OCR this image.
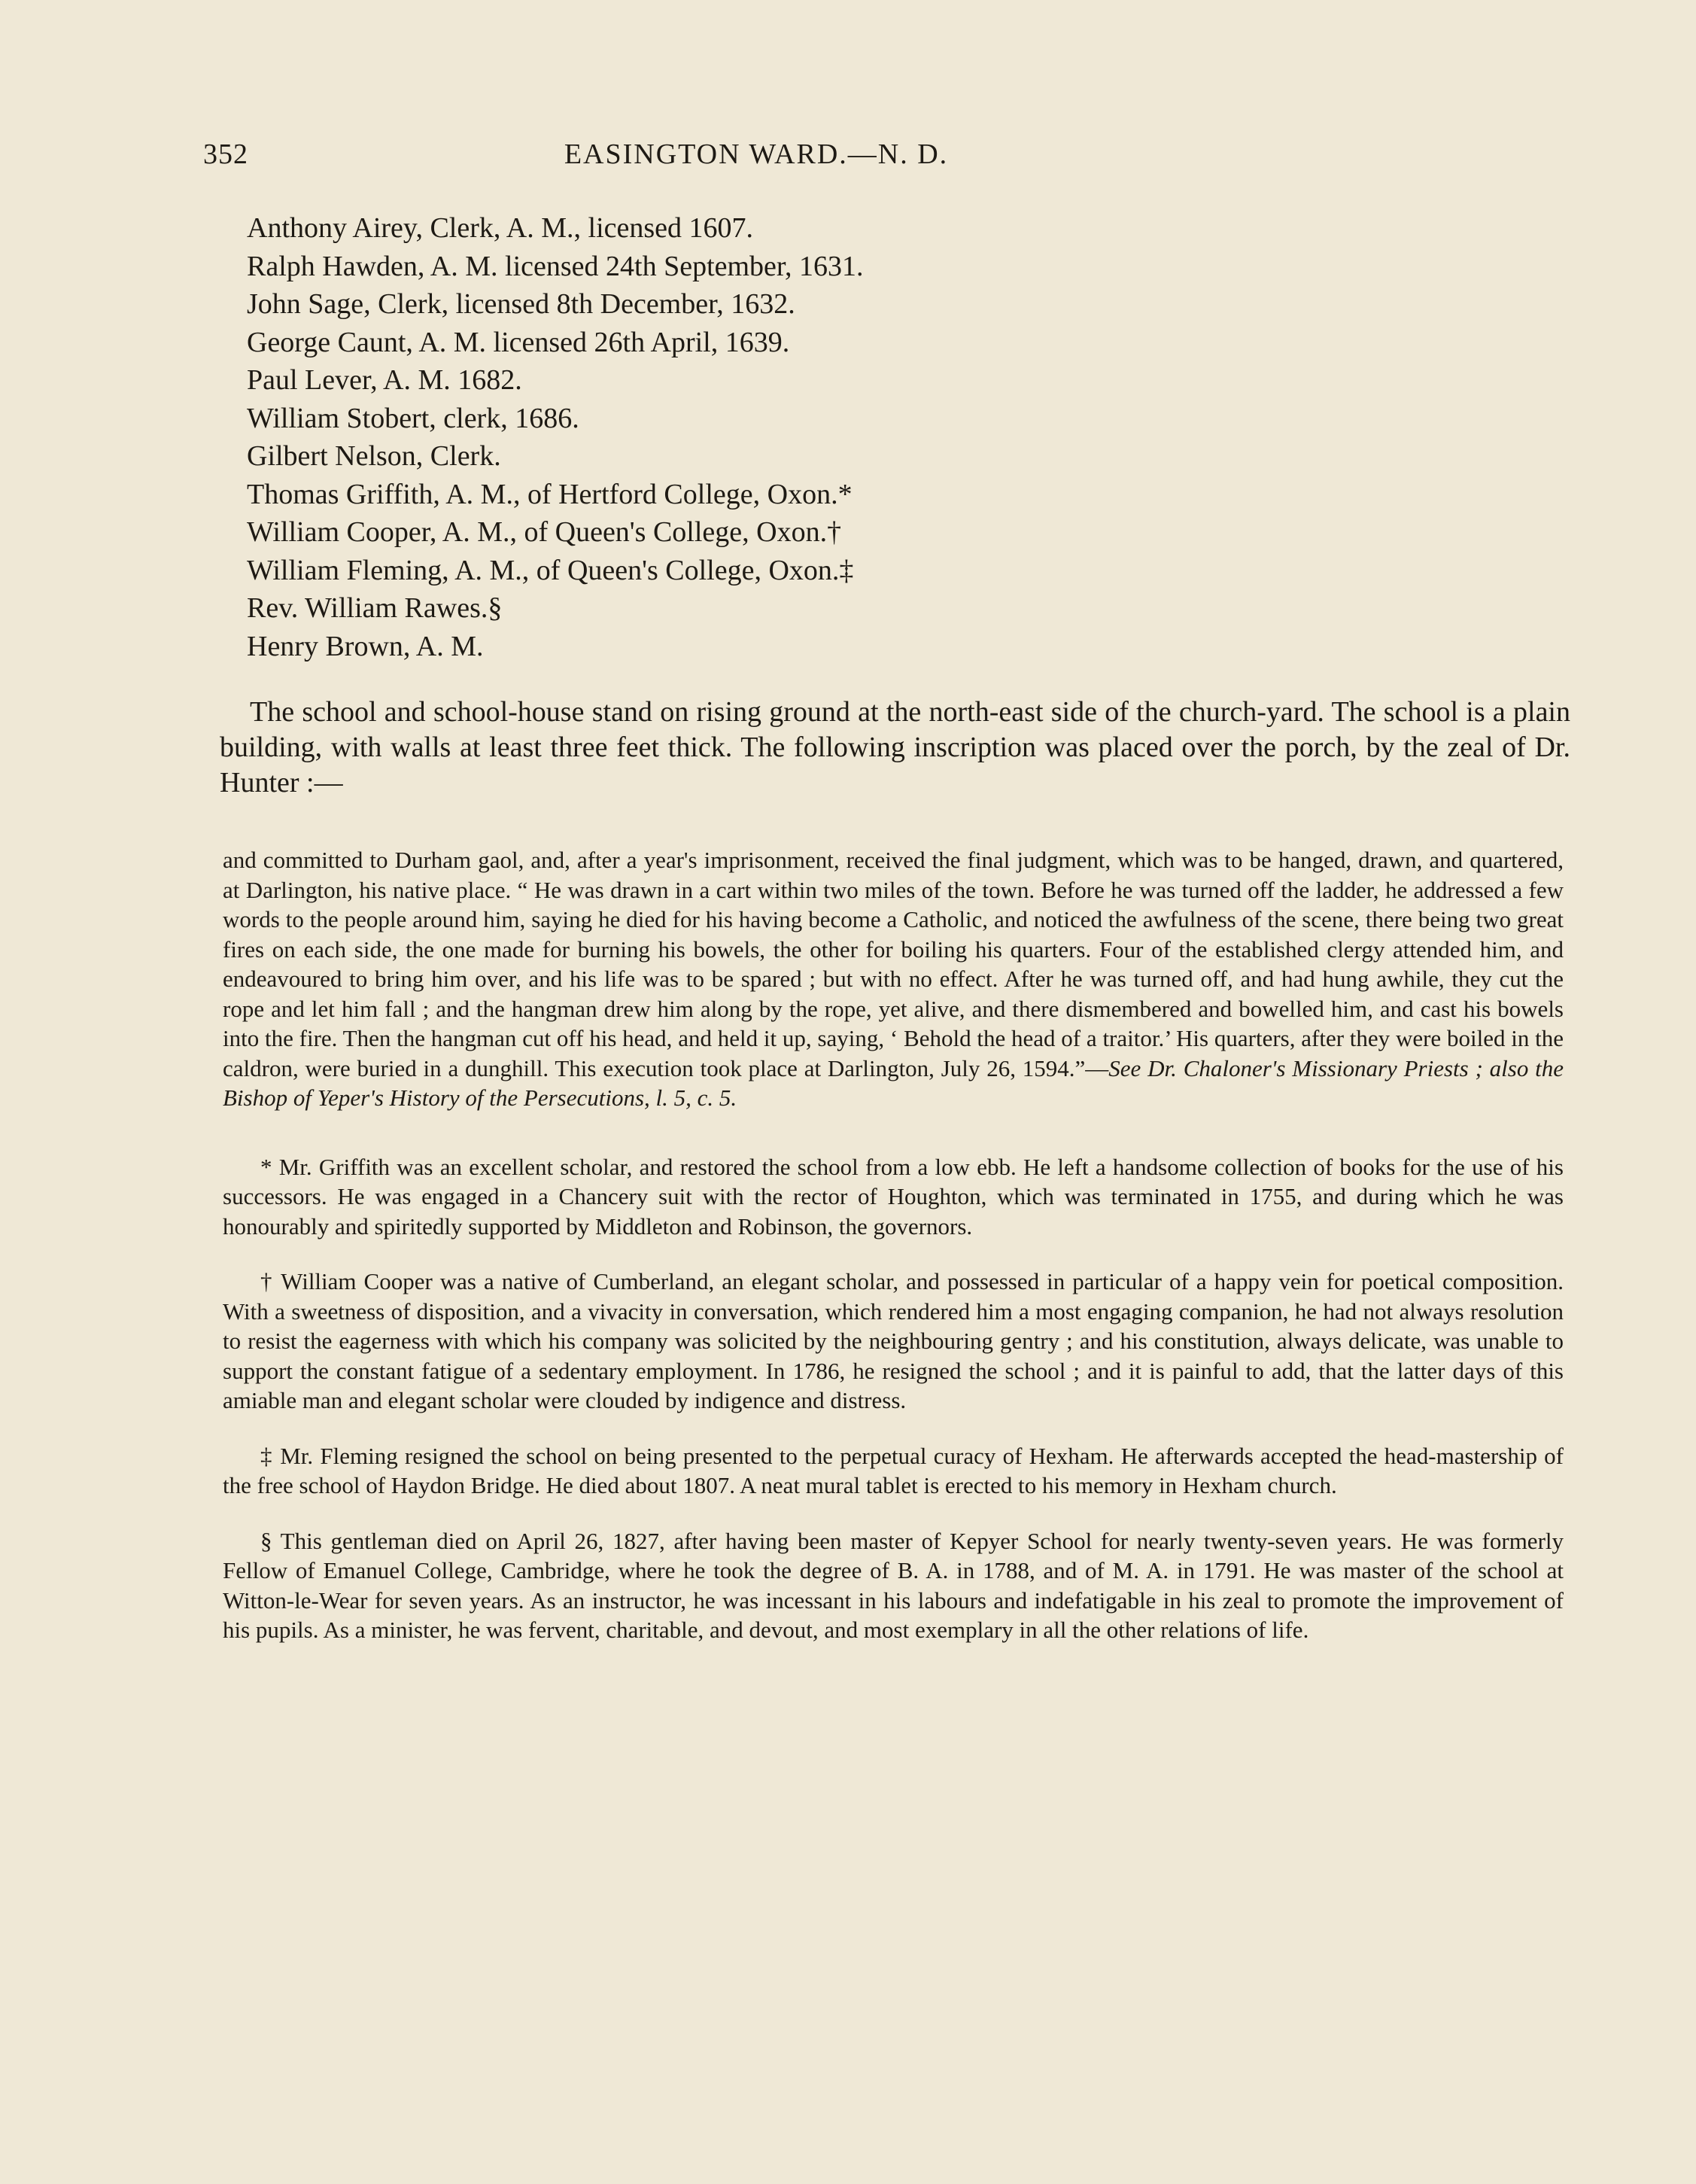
352	EASINGTON WARD.—N. D.
Anthony Airey, Clerk, A. M., licensed 1607.
Ralph Hawden, A. M. licensed 24th September, 1631.
John Sage, Clerk, licensed 8th December, 1632.
George Caunt, A. M. licensed 26th April, 1639.
Paul Lever, A. M. 1682.
William Stobert, clerk, 1686.
Gilbert Nelson, Clerk.
Thomas Griffith, A. M., of Hertford College, Oxon.*
William Cooper, A. M., of Queen's College, Oxon.†
William Fleming, A. M., of Queen's College, Oxon.‡
Rev. William Rawes.§
Henry Brown, A. M.

The school and school-house stand on rising ground at the north-east side of the church-yard. The school is a plain building, with walls at least three feet thick. The following inscription was placed over the porch, by the zeal of Dr. Hunter :—

and committed to Durham gaol, and, after a year's imprisonment, received the final judgment, which was to be hanged, drawn, and quartered, at Darlington, his native place. “ He was drawn in a cart within two miles of the town. Before he was turned off the ladder, he addressed a few words to the people around him, saying he died for his having become a Catholic, and noticed the awfulness of the scene, there being two great fires on each side, the one made for burning his bowels, the other for boiling his quarters. Four of the established clergy attended him, and endeavoured to bring him over, and his life was to be spared ; but with no effect. After he was turned off, and had hung awhile, they cut the rope and let him fall ; and the hangman drew him along by the rope, yet alive, and there dismembered and bowelled him, and cast his bowels into the fire. Then the hangman cut off his head, and held it up, saying, ‘ Behold the head of a traitor.’ His quarters, after they were boiled in the caldron, were buried in a dunghill. This execution took place at Darlington, July 26, 1594.”—See Dr. Chaloner's Missionary Priests ; also the Bishop of Yeper's History of the Persecutions, l. 5, c. 5.

* Mr. Griffith was an excellent scholar, and restored the school from a low ebb. He left a handsome collection of books for the use of his successors. He was engaged in a Chancery suit with the rector of Houghton, which was terminated in 1755, and during which he was honourably and spiritedly supported by Middleton and Robinson, the governors.

† William Cooper was a native of Cumberland, an elegant scholar, and possessed in particular of a happy vein for poetical composition. With a sweetness of disposition, and a vivacity in conversation, which rendered him a most engaging companion, he had not always resolution to resist the eagerness with which his company was solicited by the neighbouring gentry ; and his constitution, always delicate, was unable to support the constant fatigue of a sedentary employment. In 1786, he resigned the school ; and it is painful to add, that the latter days of this amiable man and elegant scholar were clouded by indigence and distress.

‡ Mr. Fleming resigned the school on being presented to the perpetual curacy of Hexham. He afterwards accepted the head-mastership of the free school of Haydon Bridge. He died about 1807. A neat mural tablet is erected to his memory in Hexham church.

§ This gentleman died on April 26, 1827, after having been master of Kepyer School for nearly twenty-seven years. He was formerly Fellow of Emanuel College, Cambridge, where he took the degree of B. A. in 1788, and of M. A. in 1791. He was master of the school at Witton-le-Wear for seven years. As an instructor, he was incessant in his labours and indefatigable in his zeal to promote the improvement of his pupils. As a minister, he was fervent, charitable, and devout, and most exemplary in all the other relations of life.
